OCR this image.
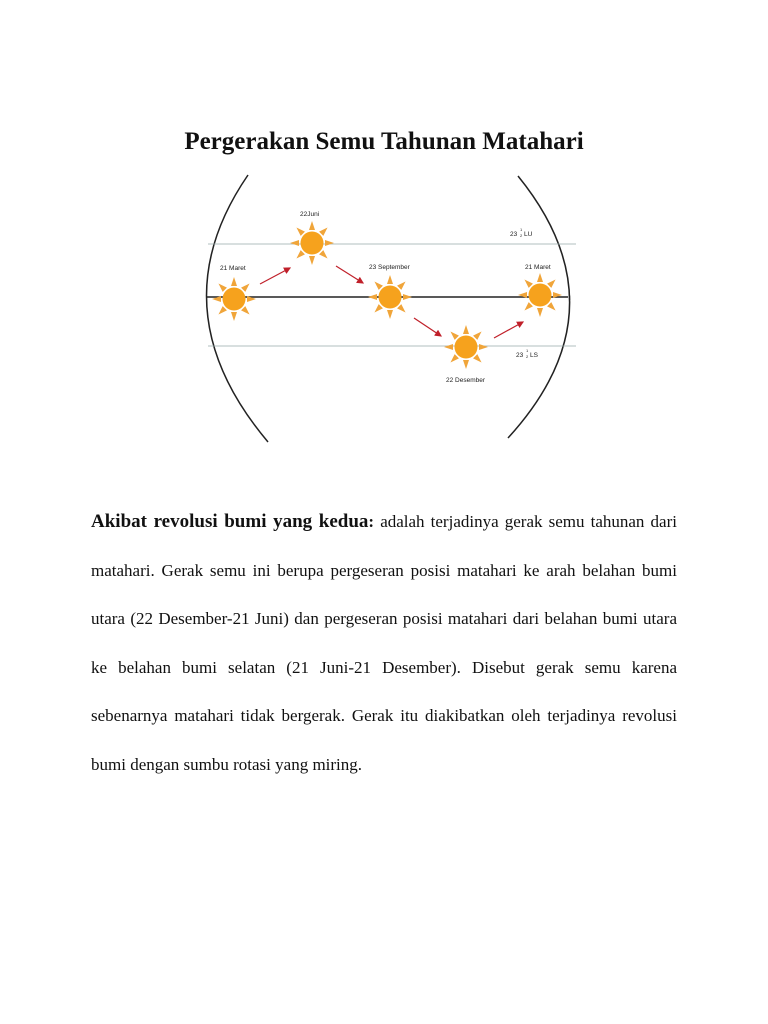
Pergerakan Semu Tahunan Matahari
21 Maret
22Juni
23 September
22 Desember
21 Maret
23
1
2 LU
23
1
2 LS
I
Akibat revolusi bumi yang kedua: adalah terjadinya gerak semu tahunan dari matahari. Gerak semu ini berupa pergeseran posisi matahari ke arah belahan bumi utara (22 Desember-21 Juni) dan pergeseran posisi matahari dari belahan bumi utara ke belahan bumi selatan (21 Juni-21 Desember). Disebut gerak semu karena sebenarnya matahari tidak bergerak. Gerak itu diakibatkan oleh terjadinya revolusi bumi dengan sumbu rotasi yang miring.
